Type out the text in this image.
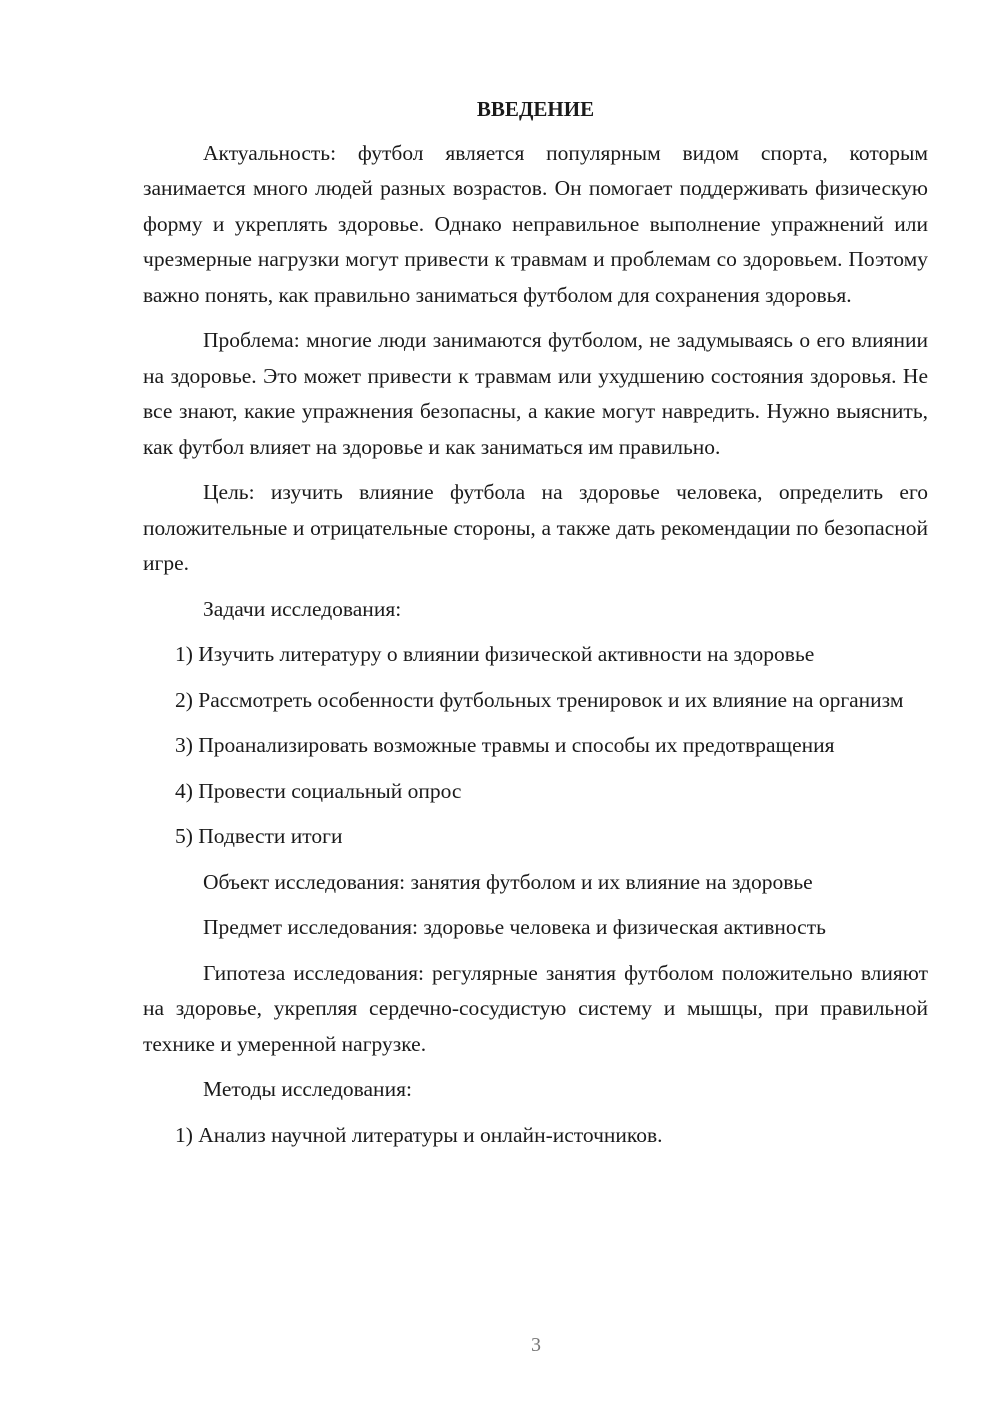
ВВЕДЕНИЕ

Актуальность: футбол является популярным видом спорта, которым занимается много людей разных возрастов. Он помогает поддерживать физическую форму и укреплять здоровье. Однако неправильное выполнение упражнений или чрезмерные нагрузки могут привести к травмам и проблемам со здоровьем. Поэтому важно понять, как правильно заниматься футболом для сохранения здоровья.

Проблема: многие люди занимаются футболом, не задумываясь о его влиянии на здоровье. Это может привести к травмам или ухудшению состояния здоровья. Не все знают, какие упражнения безопасны, а какие могут навредить. Нужно выяснить, как футбол влияет на здоровье и как заниматься им правильно.

Цель: изучить влияние футбола на здоровье человека, определить его положительные и отрицательные стороны, а также дать рекомендации по безопасной игре.

Задачи исследования:

1) Изучить литературу о влиянии физической активности на здоровье

2) Рассмотреть особенности футбольных тренировок и их влияние на организм

3) Проанализировать возможные травмы и способы их предотвращения

4) Провести социальный опрос

5) Подвести итоги

Объект исследования: занятия футболом и их влияние на здоровье

Предмет исследования: здоровье человека и физическая активность

Гипотеза исследования: регулярные занятия футболом положительно влияют на здоровье, укрепляя сердечно-сосудистую систему и мышцы, при правильной технике и умеренной нагрузке.

Методы исследования:

1) Анализ научной литературы и онлайн-источников.

3
